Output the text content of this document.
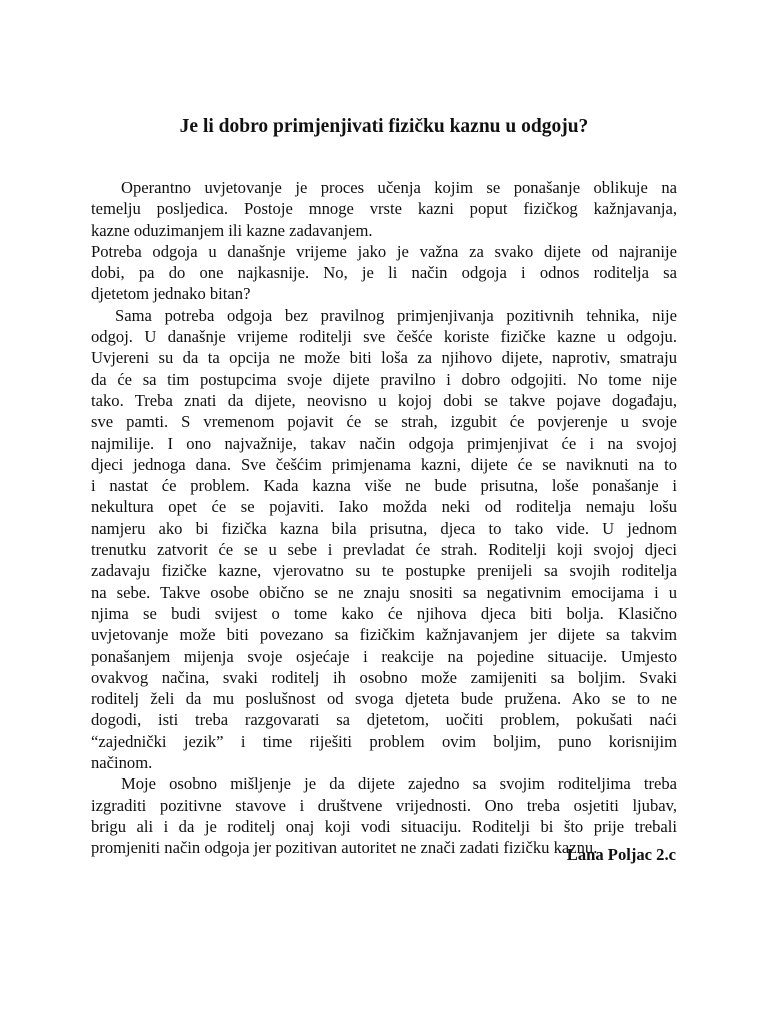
Je li dobro primjenjivati fizičku kaznu u odgoju?
Operantno uvjetovanje je proces učenja kojim se ponašanje oblikuje na
temelju posljedica. Postoje mnoge vrste kazni poput fizičkog kažnjavanja,
kazne oduzimanjem ili kazne zadavanjem.
Potreba odgoja u današnje vrijeme jako je važna za svako dijete od najranije
dobi, pa do one najkasnije. No, je li način odgoja i odnos roditelja sa
djetetom jednako bitan?
Sama potreba odgoja bez pravilnog primjenjivanja pozitivnih tehnika, nije
odgoj. U današnje vrijeme roditelji sve češće koriste fizičke kazne u odgoju.
Uvjereni su da ta opcija ne može biti loša za njihovo dijete, naprotiv, smatraju
da će sa tim postupcima svoje dijete pravilno i dobro odgojiti. No tome nije
tako. Treba znati da dijete, neovisno u kojoj dobi se takve pojave događaju,
sve pamti. S vremenom pojavit će se strah, izgubit će povjerenje u svoje
najmilije. I ono najvažnije, takav način odgoja primjenjivat će i na svojoj
djeci jednoga dana. Sve češćim primjenama kazni, dijete će se naviknuti na to
i nastat će problem. Kada kazna više ne bude prisutna, loše ponašanje i
nekultura opet će se pojaviti. Iako možda neki od roditelja nemaju lošu
namjeru ako bi fizička kazna bila prisutna, djeca to tako vide. U jednom
trenutku zatvorit će se u sebe i prevladat će strah. Roditelji koji svojoj djeci
zadavaju fizičke kazne, vjerovatno su te postupke prenijeli sa svojih roditelja
na sebe. Takve osobe obično se ne znaju snositi sa negativnim emocijama i u
njima se budi svijest o tome kako će njihova djeca biti bolja. Klasično
uvjetovanje može biti povezano sa fizičkim kažnjavanjem jer dijete sa takvim
ponašanjem mijenja svoje osjećaje i reakcije na pojedine situacije. Umjesto
ovakvog načina, svaki roditelj ih osobno može zamijeniti sa boljim. Svaki
roditelj želi da mu poslušnost od svoga djeteta bude pružena. Ako se to ne
dogodi, isti treba razgovarati sa djetetom, uočiti problem, pokušati naći
“zajednički jezik” i time riješiti problem ovim boljim, puno korisnijim
načinom.
Moje osobno mišljenje je da dijete zajedno sa svojim roditeljima treba
izgraditi pozitivne stavove i društvene vrijednosti. Ono treba osjetiti ljubav,
brigu ali i da je roditelj onaj koji vodi situaciju. Roditelji bi što prije trebali
promjeniti način odgoja jer pozitivan autoritet ne znači zadati fizičku kaznu.
Lana Poljac 2.c
